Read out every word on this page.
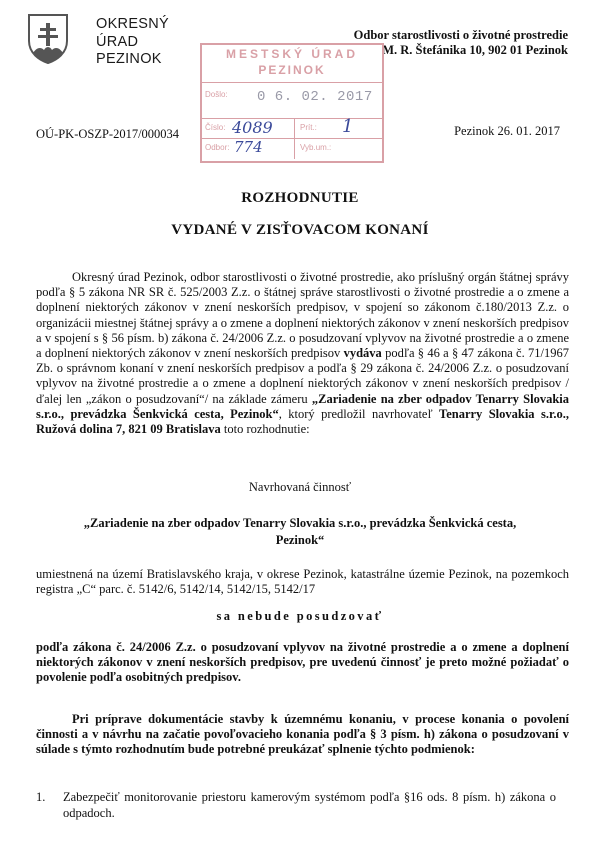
OKRESNÝ
ÚRAD
PEZINOK
Odbor starostlivosti o životné prostredie
M. R. Štefánika 10, 902 01 Pezinok
MESTSKÝ ÚRAD
PEZINOK
Došlo: 0 6. 02. 2017
Číslo: 4089	Prít.: 1
Odbor: 774	Vyb.um.:
OÚ-PK-OSZP-2017/000034	Pezinok 26. 01. 2017
ROZHODNUTIE
VYDANÉ V ZISŤOVACOM KONANÍ

Okresný úrad Pezinok, odbor starostlivosti o životné prostredie, ako príslušný orgán štátnej správy podľa § 5 zákona NR SR č. 525/2003 Z.z. o štátnej správe starostlivosti o životné prostredie a o zmene a doplnení niektorých zákonov v znení neskorších predpisov, v spojení so zákonom č.180/2013 Z.z. o organizácii miestnej štátnej správy a o zmene a doplnení niektorých zákonov v znení neskorších predpisov a v spojení s § 56 písm. b) zákona č. 24/2006 Z.z. o posudzovaní vplyvov na životné prostredie a o zmene a doplnení niektorých zákonov v znení neskorších predpisov vydáva podľa § 46 a § 47 zákona č. 71/1967 Zb. o správnom konaní v znení neskorších predpisov a podľa § 29 zákona č. 24/2006 Z.z. o posudzovaní vplyvov na životné prostredie a o zmene a doplnení niektorých zákonov v znení neskorších predpisov /ďalej len „zákon o posudzovaní“/ na základe zámeru „Zariadenie na zber odpadov Tenarry Slovakia s.r.o., prevádzka Šenkvická cesta, Pezinok“, ktorý predložil navrhovateľ Tenarry Slovakia s.r.o., Ružová dolina 7, 821 09 Bratislava toto rozhodnutie:

Navrhovaná činnosť
„Zariadenie na zber odpadov Tenarry Slovakia s.r.o., prevádzka Šenkvická cesta, Pezinok“

umiestnená na území Bratislavského kraja, v okrese Pezinok, katastrálne územie Pezinok, na pozemkoch registra „C“ parc. č. 5142/6, 5142/14, 5142/15, 5142/17

sa nebude posudzovať

podľa zákona č. 24/2006 Z.z. o posudzovaní vplyvov na životné prostredie a o zmene a doplnení niektorých zákonov v znení neskorších predpisov, pre uvedenú činnosť je preto možné požiadať o povolenie podľa osobitných predpisov.

Pri príprave dokumentácie stavby k územnému konaniu, v procese konania o povolení činnosti a v návrhu na začatie povoľovacieho konania podľa § 3 písm. h) zákona o posudzovaní v súlade s týmto rozhodnutím bude potrebné preukázať splnenie týchto podmienok:

1. Zabezpečiť monitorovanie priestoru kamerovým systémom podľa §16 ods. 8 písm. h) zákona o odpadoch.
